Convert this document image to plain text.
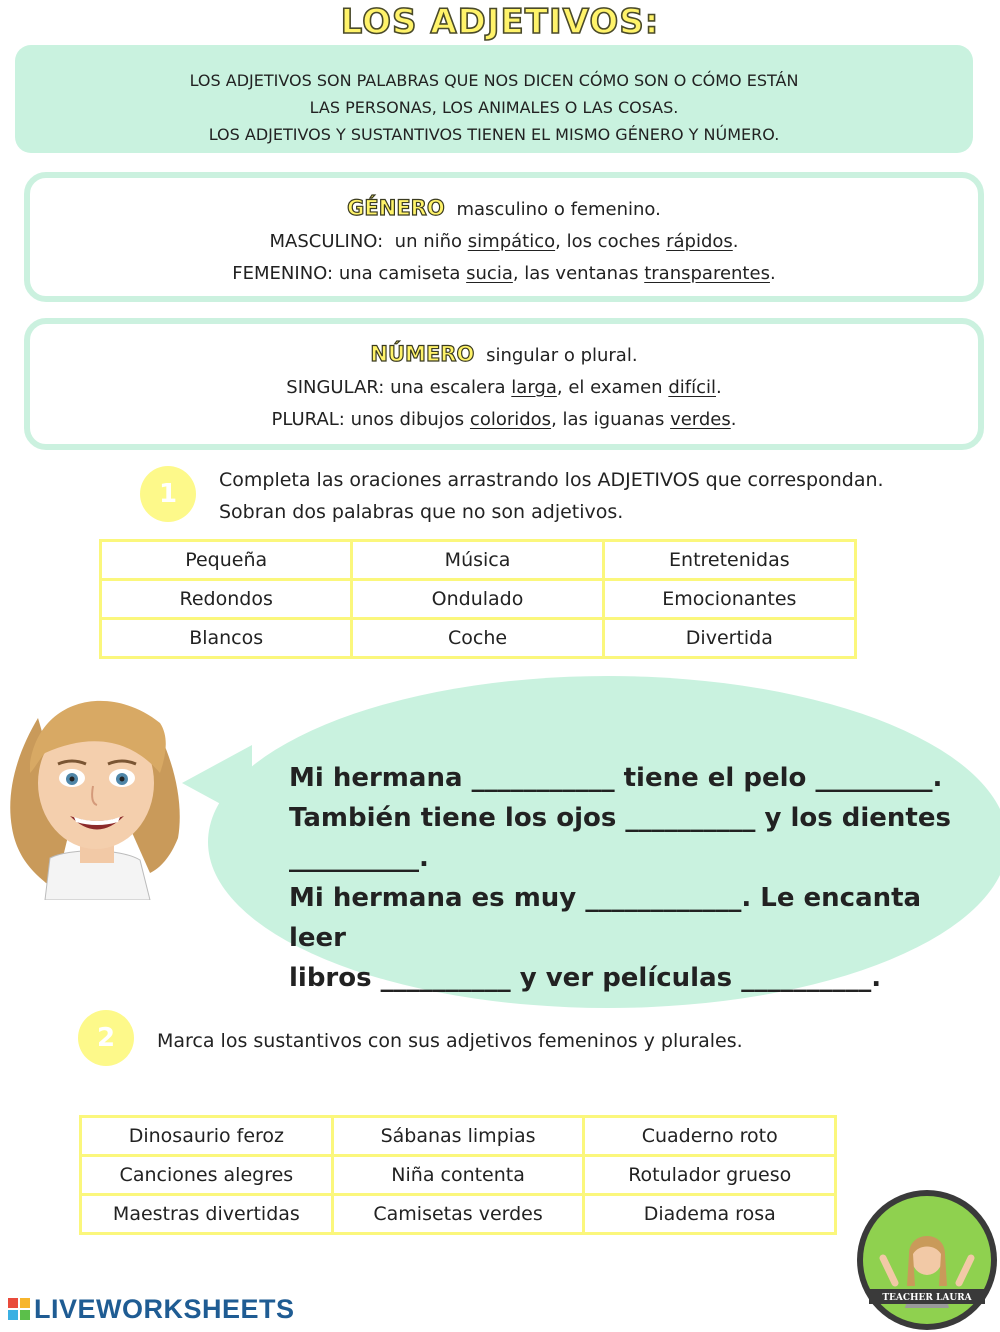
LOS ADJETIVOS:
LOS ADJETIVOS SON PALABRAS QUE NOS DICEN CÓMO SON O CÓMO ESTÁN
LAS PERSONAS, LOS ANIMALES O LAS COSAS.
LOS ADJETIVOS Y SUSTANTIVOS TIENEN EL MISMO GÉNERO Y NÚMERO.
GÉNERO masculino o femenino.
MASCULINO: un niño simpático, los coches rápidos.
FEMENINO: una camiseta sucia, las ventanas transparentes.
NÚMERO singular o plural.
SINGULAR: una escalera larga, el examen difícil.
PLURAL: unos dibujos coloridos, las iguanas verdes.
1	Completa las oraciones arrastrando los ADJETIVOS que correspondan.
Sobran dos palabras que no son adjetivos.
Pequeña	Música	Entretenidas
Redondos	Ondulado	Emocionantes
Blancos	Coche	Divertida
Mi hermana ___________ tiene el pelo _________.
También tiene los ojos __________ y los dientes
__________.
Mi hermana es muy ____________. Le encanta leer
libros __________ y ver películas __________.
2	Marca los sustantivos con sus adjetivos femeninos y plurales.
Dinosaurio feroz	Sábanas limpias	Cuaderno roto
Canciones alegres	Niña contenta	Rotulador grueso
Maestras divertidas	Camisetas verdes	Diadema rosa
TEACHER LAURA
LIVEWORKSHEETS
